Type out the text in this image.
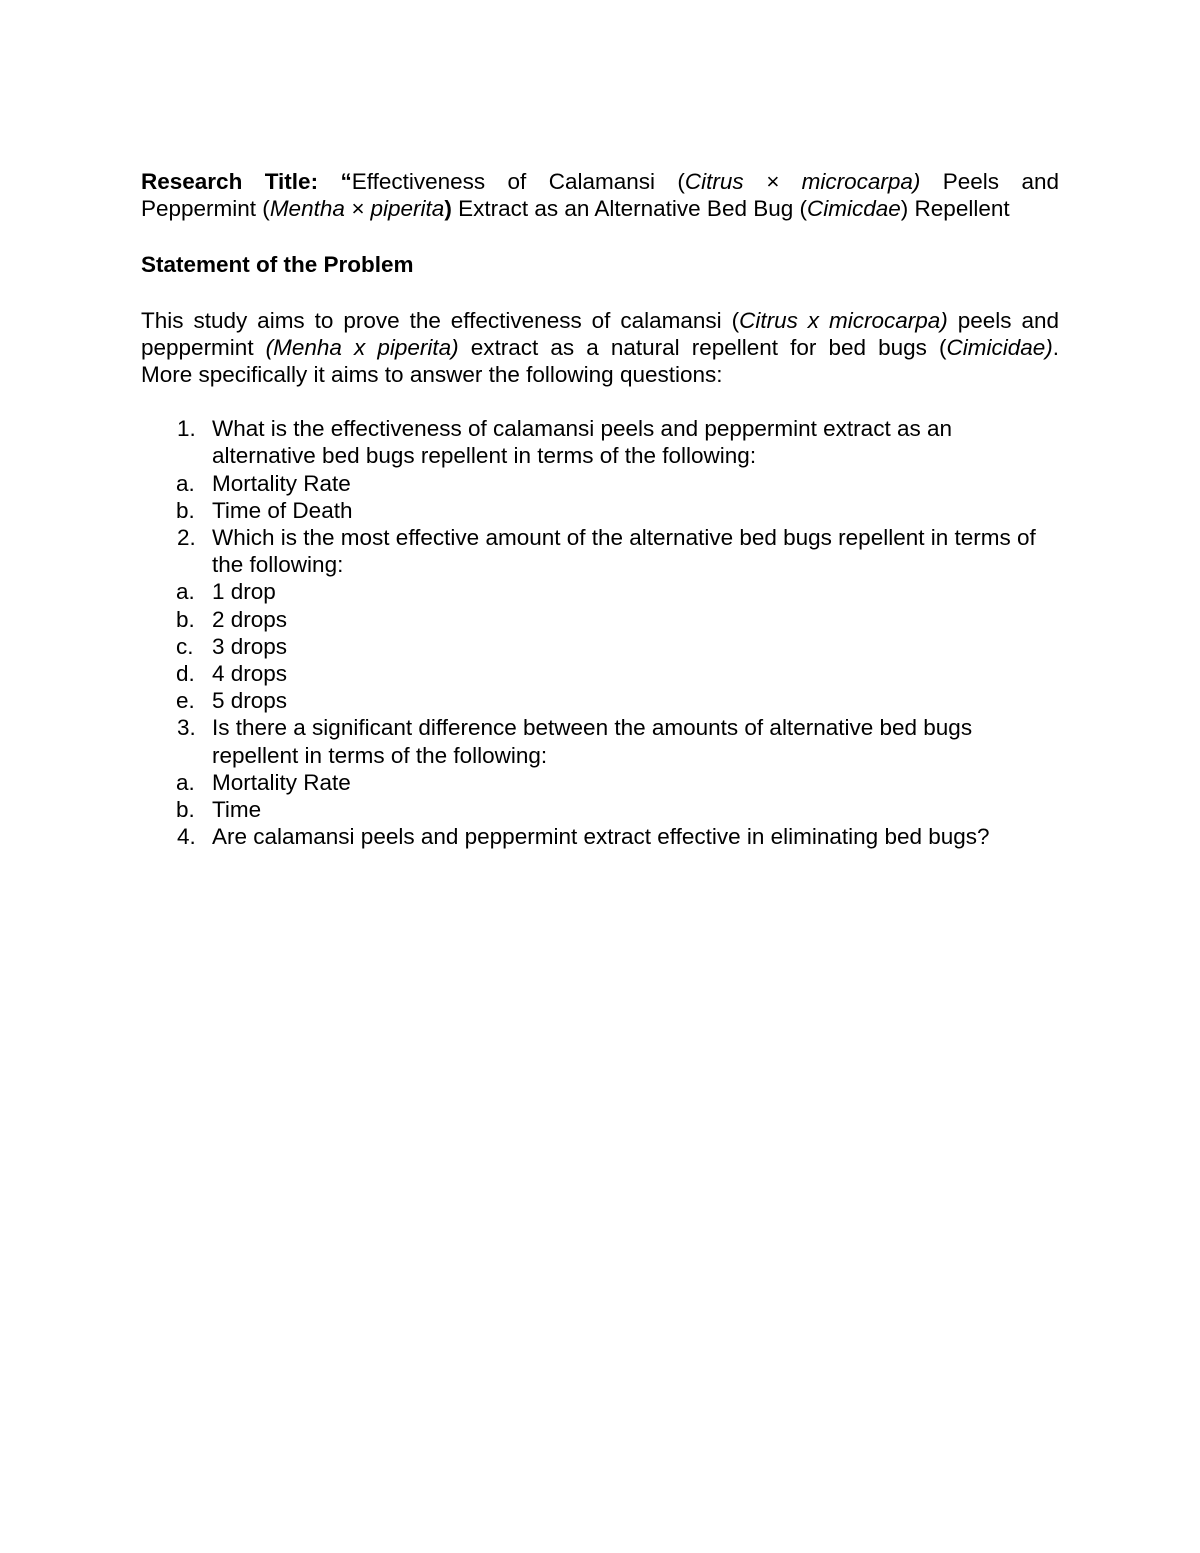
Research Title: “Effectiveness of Calamansi (Citrus × microcarpa) Peels and
Peppermint (Mentha × piperita) Extract as an Alternative Bed Bug (Cimicdae) Repellent

Statement of the Problem

This study aims to prove the effectiveness of calamansi (Citrus x microcarpa) peels and
peppermint (Menha x piperita) extract as a natural repellent for bed bugs (Cimicidae).
More specifically it aims to answer the following questions:

1. What is the effectiveness of calamansi peels and peppermint extract as an alternative bed bugs repellent in terms of the following:
a. Mortality Rate
b. Time of Death
2. Which is the most effective amount of the alternative bed bugs repellent in terms of the following:
a. 1 drop
b. 2 drops
c. 3 drops
d. 4 drops
e. 5 drops
3. Is there a significant difference between the amounts of alternative bed bugs repellent in terms of the following:
a. Mortality Rate
b. Time
4. Are calamansi peels and peppermint extract effective in eliminating bed bugs?
